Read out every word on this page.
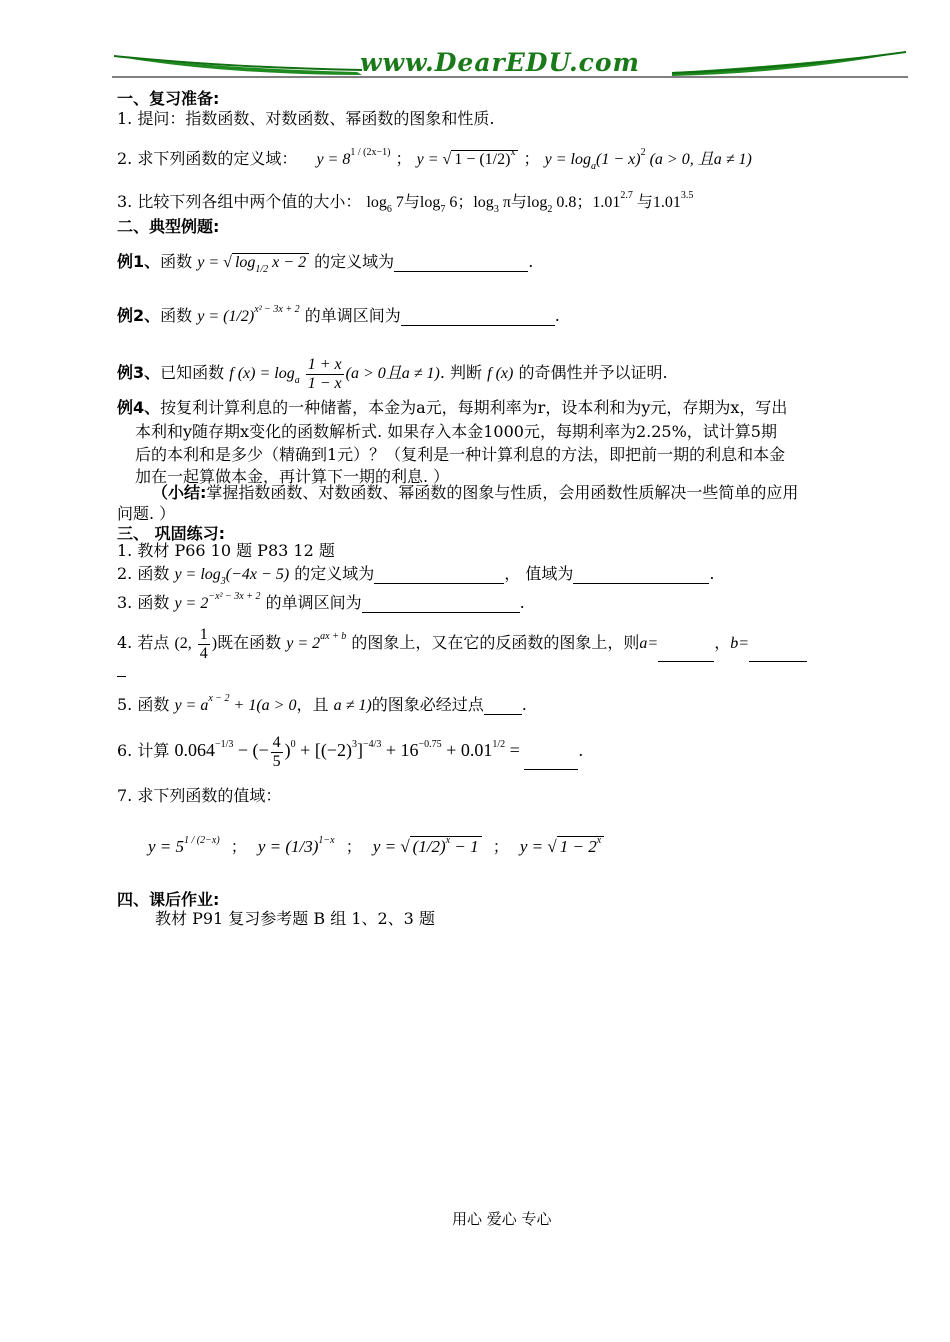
www.DearEDU.com
一、复习准备:
1. 提问：指数函数、对数函数、幂函数的图象和性质.
2. 求下列函数的定义域： $y = 8^{1 / (2x-1)}$ ； y = √ $1 - (1/2)^x$ ； $y = \log_a(1 - x)^2$ (a > 0, 且a ≠ 1)
3. 比较下列各组中两个值的大小： $\log_6 7$与$\log_7 6$；$\log_3 \pi$与$\log_2 0.8$；$1.01^{2.7}$ 与$1.01^{3.5}$
二、典型例题:
例1、函数 y = √ $\log_{1/2} x - 2$ 的定义域为	.
例2、函数 $y = (1/2)^{x^2 - 3x + 2}$ 的单调区间为	.
例3、已知函数 f $(x) = \log_a \frac{1 + x}{1 - x} (a > 0$且a ≠ 1). 判断 f (x) 的奇偶性并予以证明.
例4、按复利计算利息的一种储蓄，本金为a元，每期利率为r，设本利和为y元，存期为x，写出
本利和y随存期x变化的函数解析式. 如果存入本金1000元，每期利率为2.25%，试计算5期
后的本利和是多少（精确到1元）？（复利是一种计算利息的方法，即把前一期的利息和本金
加在一起算做本金，再计算下一期的利息. ）
（小结:掌握指数函数、对数函数、幂函数的图象与性质，会用函数性质解决一些简单的应用
问题. ）
三、 巩固练习:
1. 教材 P66 10 题 P83 12 题
2. 函数 $y = \log_3(-4x - 5)$ 的定义域为	， 值域为	.
3. 函数 $y = 2^{-x^2 - 3x + 2}$ 的单调区间为	.
4. 若点 (2, $\frac{1}{4}$ )既在函数 $y = 2^{ax + b}$ 的图象上，又在它的反函数的图象上，则a=	，b=
5. 函数 $y = a^{x - 2} + 1(a > 0$，且 a ≠ 1)的图象必经过点 .
6. 计算 $0.064^{-1/3}$ − (− $\frac{4}{5} )^0 + [(-2)^3]^{-4/3} + 16^{-0.75} + 0.01^{1/2}$ =	.
7. 求下列函数的值域：
$y = 5^{1 / (2-x)}$ ； $y = (1/3)^{1-x}$ ； y = √ $(1/2)^x - 1$ ； y = √ $1 - 2^x$
四、课后作业:
教材 P91 复习参考题 B 组 1、2、3 题
用心 爱心 专心
